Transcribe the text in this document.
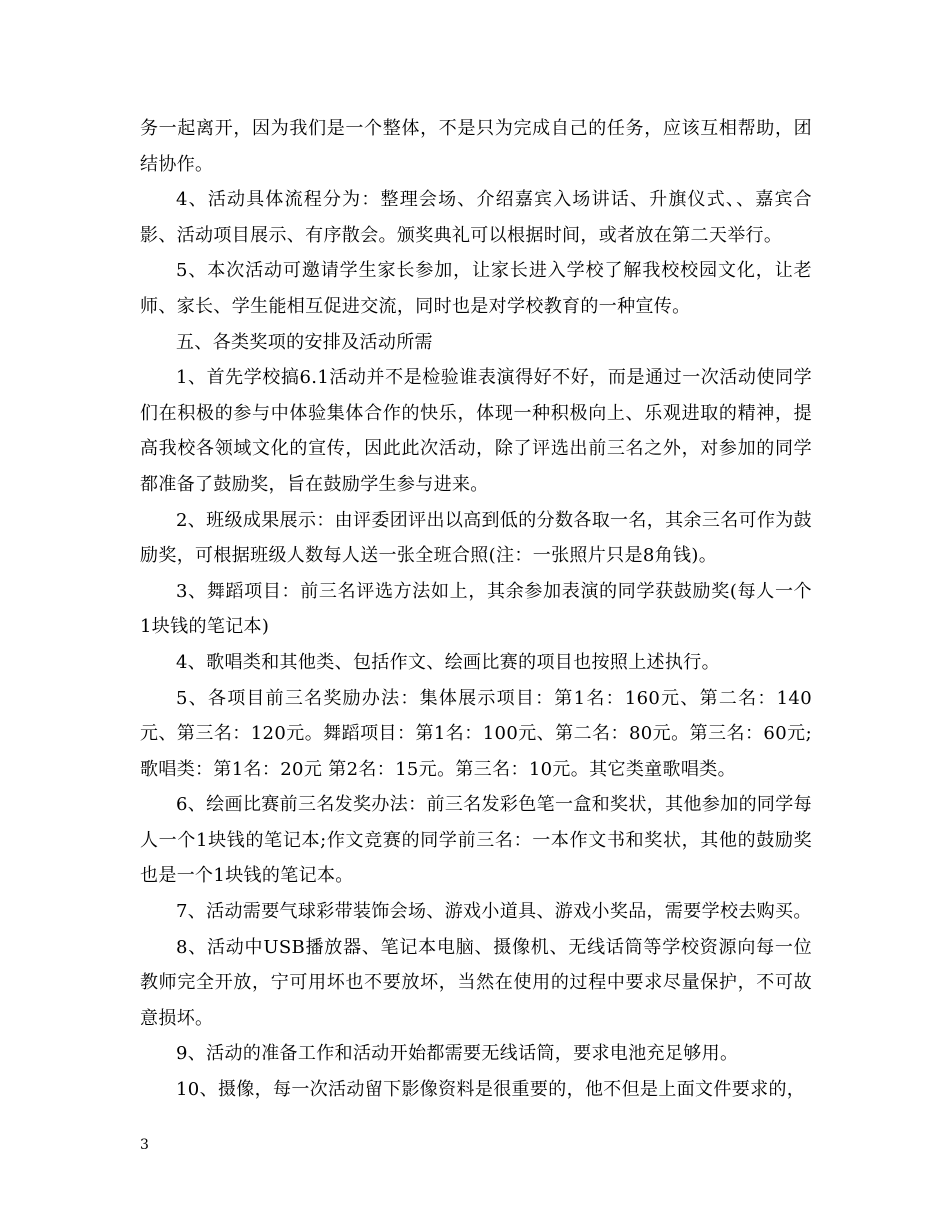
务一起离开，因为我们是一个整体，不是只为完成自己的任务，应该互相帮助，团结协作。

4、活动具体流程分为：整理会场、介绍嘉宾入场讲话、升旗仪式、、嘉宾合影、活动项目展示、有序散会。颁奖典礼可以根据时间，或者放在第二天举行。

5、本次活动可邀请学生家长参加，让家长进入学校了解我校校园文化，让老师、家长、学生能相互促进交流，同时也是对学校教育的一种宣传。

五、各类奖项的安排及活动所需

1、首先学校搞6.1活动并不是检验谁表演得好不好，而是通过一次活动使同学们在积极的参与中体验集体合作的快乐，体现一种积极向上、乐观进取的精神，提高我校各领域文化的宣传，因此此次活动，除了评选出前三名之外，对参加的同学都准备了鼓励奖，旨在鼓励学生参与进来。

2、班级成果展示：由评委团评出以高到低的分数各取一名，其余三名可作为鼓励奖，可根据班级人数每人送一张全班合照(注：一张照片只是8角钱)。

3、舞蹈项目：前三名评选方法如上，其余参加表演的同学获鼓励奖(每人一个1块钱的笔记本)

4、歌唱类和其他类、包括作文、绘画比赛的项目也按照上述执行。

5、各项目前三名奖励办法：集体展示项目：第1名：160元、第二名：140元、第三名：120元。舞蹈项目：第1名：100元、第二名：80元。第三名：60元;歌唱类：第1名：20元 第2名：15元。第三名：10元。其它类童歌唱类。

6、绘画比赛前三名发奖办法：前三名发彩色笔一盒和奖状，其他参加的同学每人一个1块钱的笔记本;作文竞赛的同学前三名：一本作文书和奖状，其他的鼓励奖也是一个1块钱的笔记本。

7、活动需要气球彩带装饰会场、游戏小道具、游戏小奖品，需要学校去购买。

8、活动中USB播放器、笔记本电脑、摄像机、无线话筒等学校资源向每一位教师完全开放，宁可用坏也不要放坏，当然在使用的过程中要求尽量保护，不可故意损坏。

9、活动的准备工作和活动开始都需要无线话筒，要求电池充足够用。

10、摄像，每一次活动留下影像资料是很重要的，他不但是上面文件要求的，

3
